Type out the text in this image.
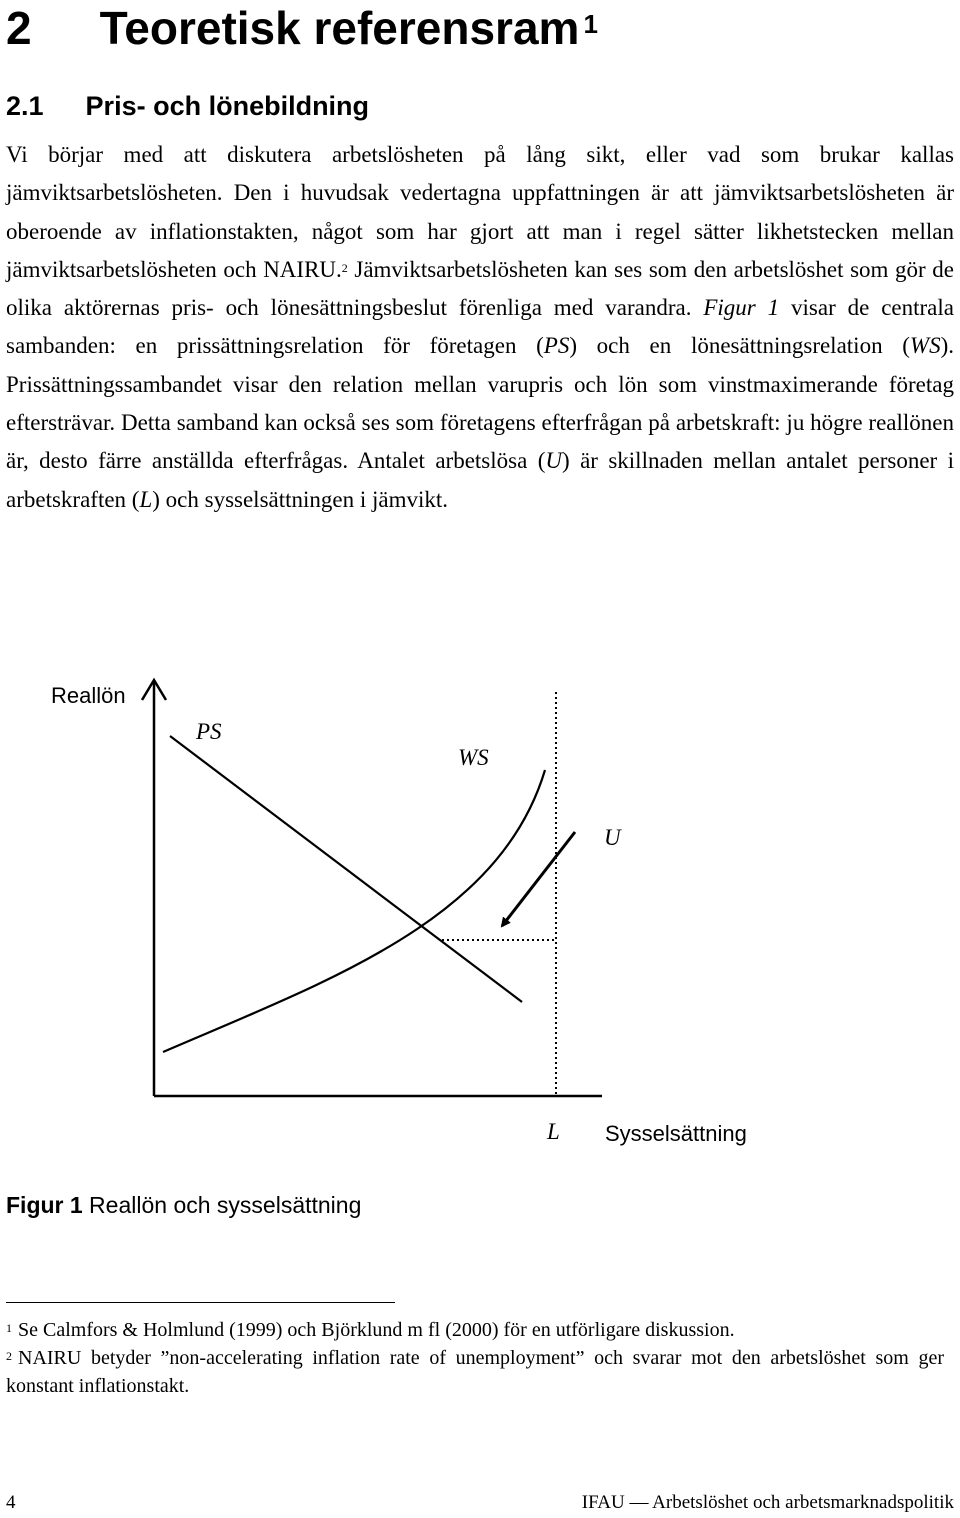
2 Teoretisk referensram $^1$
2.1 Pris- och lönebildning

Vi börjar med att diskutera arbetslösheten på lång sikt, eller vad som brukar kallas jämviktsarbetslösheten. Den i huvudsak vedertagna uppfattningen är att jämviktsarbetslösheten är oberoende av inflationstakten, något som har gjort att man i regel sätter likhetstecken mellan jämviktsarbetslösheten och NAIRU.$^2$ Jämviktsarbetslösheten kan ses som den arbetslöshet som gör de olika aktörernas pris- och lönesättningsbeslut förenliga med varandra. Figur 1 visar de centrala sambanden: en prissättningsrelation för företagen (PS) och en lönesättningsrelation (WS). Prissättningssambandet visar den relation mellan varupris och lön som vinstmaximerande företag eftersträvar. Detta samband kan också ses som företagens efterfrågan på arbetskraft: ju högre reallönen är, desto färre anställda efterfrågas. Antalet arbetslösa (U) är skillnaden mellan antalet personer i arbetskraften (L) och sysselsättningen i jämvikt.

Reallön
PS
WS
U
L Sysselsättning
Figur 1 Reallön och sysselsättning

$^1$ Se Calmfors & Holmlund (1999) och Björklund m fl (2000) för en utförligare diskussion.

$^2$ NAIRU betyder ”non-accelerating inflation rate of unemployment” och svarar mot den arbetslöshet som ger konstant inflationstakt.

4	IFAU — Arbetslöshet och arbetsmarknadspolitik
